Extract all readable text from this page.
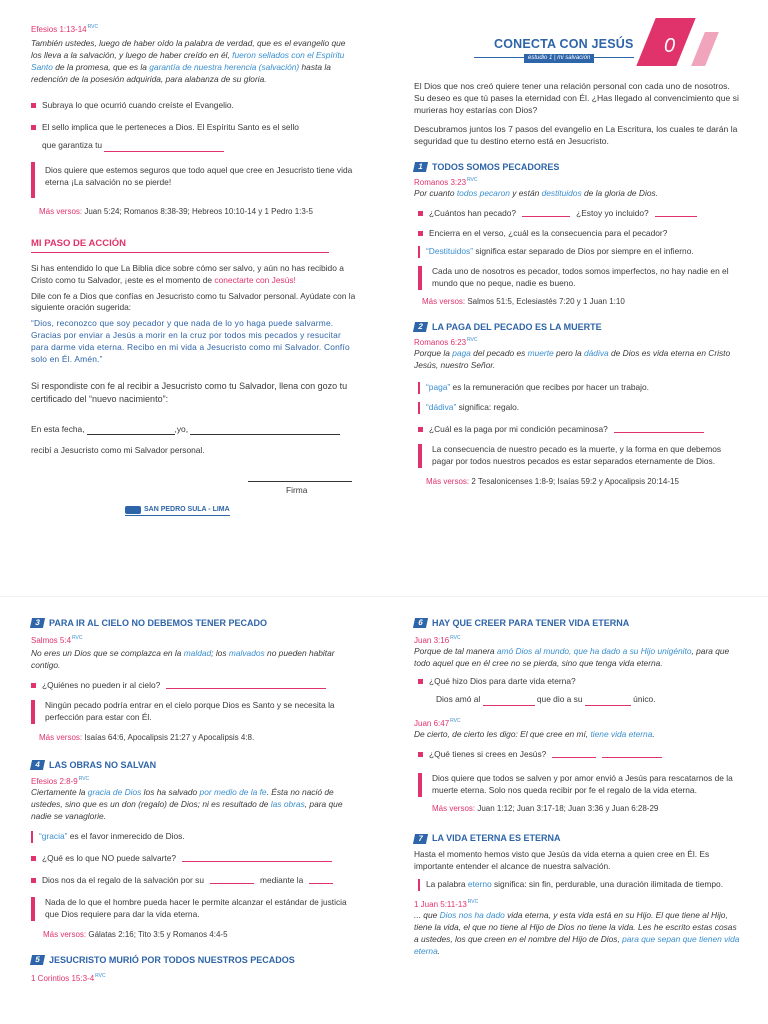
Efesios $1:13-14^{RVC}$

También ustedes, luego de haber oído la palabra de verdad, que es el evangelio que los lleva a la salvación, y luego de haber creído en él, fueron sellados con el Espíritu Santo de la promesa, que es la garantía de nuestra herencia (salvación) hasta la redención de la posesión adquirida, para alabanza de su gloria.

Subraya lo que ocurrió cuando creíste el Evangelio.
El sello implica que le perteneces a Dios. El Espíritu Santo es el sello
que garantiza tu
Dios quiere que estemos seguros que todo aquel que cree en Jesucristo tiene vida eterna ¡La salvación no se pierde!
Más versos: Juan 5:24; Romanos 8:38-39; Hebreos 10:10-14 y 1 Pedro 1:3-5
MI PASO DE ACCIÓN

Si has entendido lo que La Biblia dice sobre cómo ser salvo, y aún no has recibido a Cristo como tu Salvador, ¡este es el momento de conectarte con Jesús!

Dile con fe a Dios que confías en Jesucristo como tu Salvador personal. Ayúdate con la siguiente oración sugerida:

“Dios, reconozco que soy pecador y que nada de lo yo haga puede salvarme. Gracias por enviar a Jesús a morir en la cruz por todos mis pecados y resucitar para darme vida eterna. Recibo en mi vida a Jesucristo como mi Salvador. Confío solo en Él. Amén.”

Si respondiste con fe al recibir a Jesucristo como tu Salvador, llena con gozo tu certificado del “nuevo nacimiento”:

En esta fecha,	,yo,

recibí a Jesucristo como mi Salvador personal.

Firma
SAN PEDRO SULA - LIMA
CONECTA CON JESÚS
estudio 1 | mi salvación
0

El Dios que nos creó quiere tener una relación personal con cada uno de nosotros. Su deseo es que tú pases la eternidad con Él. ¿Has llegado al convencimiento que si murieras hoy estarías con Dios?

Descubramos juntos los 7 pasos del evangelio en La Escritura, los cuales te darán la seguridad que tu destino eterno está en Jesucristo.

1 TODOS SOMOS PECADORES
Romanos $3:23^{RVC}$

Por cuanto todos pecaron y están destituidos de la gloria de Dios.

¿Cuántos han pecado?	¿Estoy yo incluido?
Encierra en el verso, ¿cuál es la consecuencia para el pecador?
“Destituidos” significa estar separado de Dios por siempre en el infierno.
Cada uno de nosotros es pecador, todos somos imperfectos, no hay nadie en el mundo que no peque, nadie es bueno.
Más versos: Salmos 51:5, Eclesiastés 7:20 y 1 Juan 1:10
2 LA PAGA DEL PECADO ES LA MUERTE
Romanos $6:23^{RVC}$

Porque la paga del pecado es muerte pero la dádiva de Dios es vida eterna en Cristo Jesús, nuestro Señor.

“paga” es la remuneración que recibes por hacer un trabajo.
“dádiva” significa: regalo.
¿Cuál es la paga por mi condición pecaminosa?
La consecuencia de nuestro pecado es la muerte, y la forma en que debemos pagar por todos nuestros pecados es estar separados eternamente de Dios.
Más versos: 2 Tesalonicenses 1:8-9; Isaías 59:2 y Apocalipsis 20:14-15
3 PARA IR AL CIELO NO DEBEMOS TENER PECADO
Salmos $5:4^{RVC}$

No eres un Dios que se complazca en la maldad; los malvados no pueden habitar contigo.

¿Quiénes no pueden ir al cielo?
Ningún pecado podría entrar en el cielo porque Dios es Santo y se necesita la perfección para estar con Él.
Más versos: Isaías 64:6, Apocalipsis 21:27 y Apocalipsis 4:8.
4 LAS OBRAS NO SALVAN
Efesios $2:8-9^{RVC}$

Ciertamente la gracia de Dios los ha salvado por medio de la fe. Ésta no nació de ustedes, sino que es un don (regalo) de Dios; ni es resultado de las obras, para que nadie se vanaglorie.

“gracia” es el favor inmerecido de Dios.
¿Qué es lo que NO puede salvarte?
Dios nos da el regalo de la salvación por su	mediante la
Nada de lo que el hombre pueda hacer le permite alcanzar el estándar de justicia que Dios requiere para dar la vida eterna.
Más versos: Gálatas 2:16; Tito 3:5 y Romanos 4:4-5
5 JESUCRISTO MURIÓ POR TODOS NUESTROS PECADOS
1 Corintios $15:3-4^{RVC}$
6 HAY QUE CREER PARA TENER VIDA ETERNA
Juan $3:16^{RVC}$

Porque de tal manera amó Dios al mundo, que ha dado a su Hijo unigénito, para que todo aquel que en él cree no se pierda, sino que tenga vida eterna.

¿Qué hizo Dios para darte vida eterna?
Dios amó al	que dio a su	único.
Juan $6:47^{RVC}$

De cierto, de cierto les digo: El que cree en mí, tiene vida eterna.

¿Qué tienes si crees en Jesús?
Dios quiere que todos se salven y por amor envió a Jesús para rescatarnos de la muerte eterna. Solo nos queda recibir por fe el regalo de la vida eterna.
Más versos: Juan 1:12; Juan 3:17-18; Juan 3:36 y Juan 6:28-29
7 LA VIDA ETERNA ES ETERNA

Hasta el momento hemos visto que Jesús da vida eterna a quien cree en Él. Es importante entender el alcance de nuestra salvación.

La palabra eterno significa: sin fin, perdurable, una duración ilimitada de tiempo.
1 Juan $5:11-13^{RVC}$

... que Dios nos ha dado vida eterna, y esta vida está en su Hijo. El que tiene al Hijo, tiene la vida, el que no tiene al Hijo de Dios no tiene la vida. Les he escrito estas cosas a ustedes, los que creen en el nombre del Hijo de Dios, para que sepan que tienen vida eterna.
